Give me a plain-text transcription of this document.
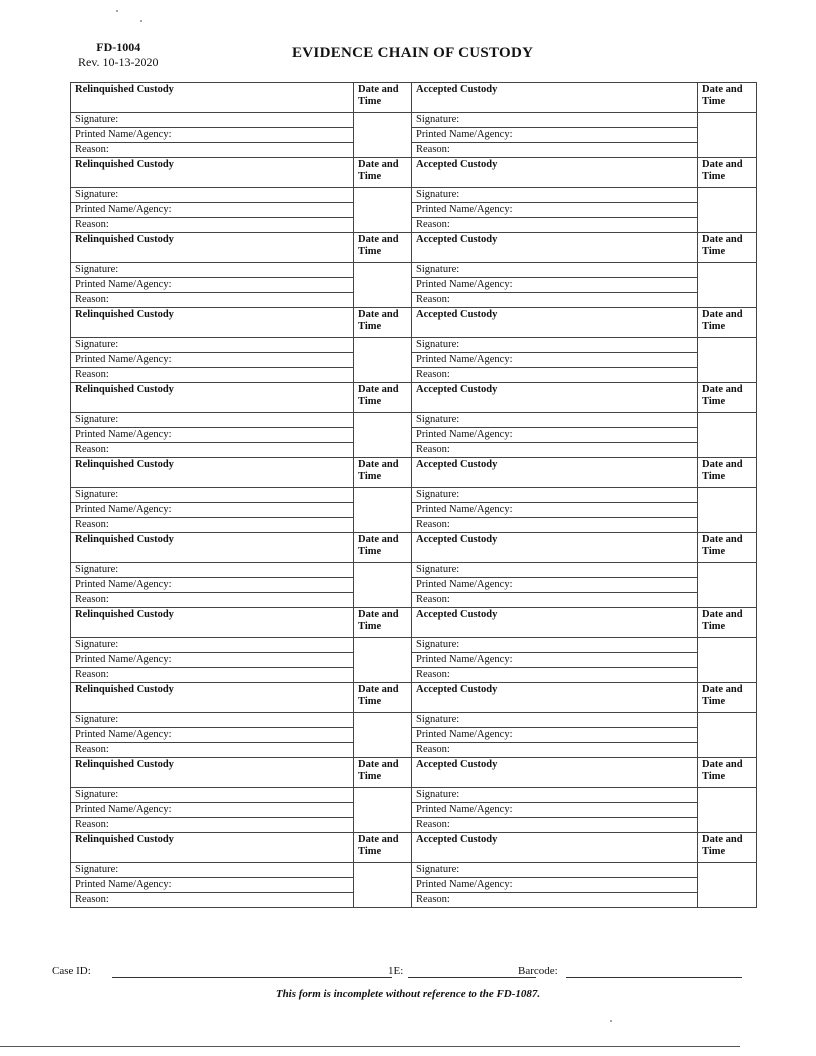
FD-1004
Rev. 10-13-2020
EVIDENCE CHAIN OF CUSTODY
Relinquished Custody	Date and Time	Accepted Custody	Date and Time
Signature:		Signature:	
Printed Name/Agency:		Printed Name/Agency:	
Reason:		Reason:	
Relinquished Custody	Date and Time	Accepted Custody	Date and Time
Signature:		Signature:	
Printed Name/Agency:		Printed Name/Agency:	
Reason:		Reason:	
Relinquished Custody	Date and Time	Accepted Custody	Date and Time
Signature:		Signature:	
Printed Name/Agency:		Printed Name/Agency:	
Reason:		Reason:	
Relinquished Custody	Date and Time	Accepted Custody	Date and Time
Signature:		Signature:	
Printed Name/Agency:		Printed Name/Agency:	
Reason:		Reason:	
Relinquished Custody	Date and Time	Accepted Custody	Date and Time
Signature:		Signature:	
Printed Name/Agency:		Printed Name/Agency:	
Reason:		Reason:	
Relinquished Custody	Date and Time	Accepted Custody	Date and Time
Signature:		Signature:	
Printed Name/Agency:		Printed Name/Agency:	
Reason:		Reason:	
Relinquished Custody	Date and Time	Accepted Custody	Date and Time
Signature:		Signature:	
Printed Name/Agency:		Printed Name/Agency:	
Reason:		Reason:	
Relinquished Custody	Date and Time	Accepted Custody	Date and Time
Signature:		Signature:	
Printed Name/Agency:		Printed Name/Agency:	
Reason:		Reason:	
Relinquished Custody	Date and Time	Accepted Custody	Date and Time
Signature:		Signature:	
Printed Name/Agency:		Printed Name/Agency:	
Reason:		Reason:	
Relinquished Custody	Date and Time	Accepted Custody	Date and Time
Signature:		Signature:	
Printed Name/Agency:		Printed Name/Agency:	
Reason:		Reason:	
Relinquished Custody	Date and Time	Accepted Custody	Date and Time
Signature:		Signature:	
Printed Name/Agency:		Printed Name/Agency:	
Reason:		Reason:	
Case ID:	1E:	Barcode:
This form is incomplete without reference to the FD-1087.
